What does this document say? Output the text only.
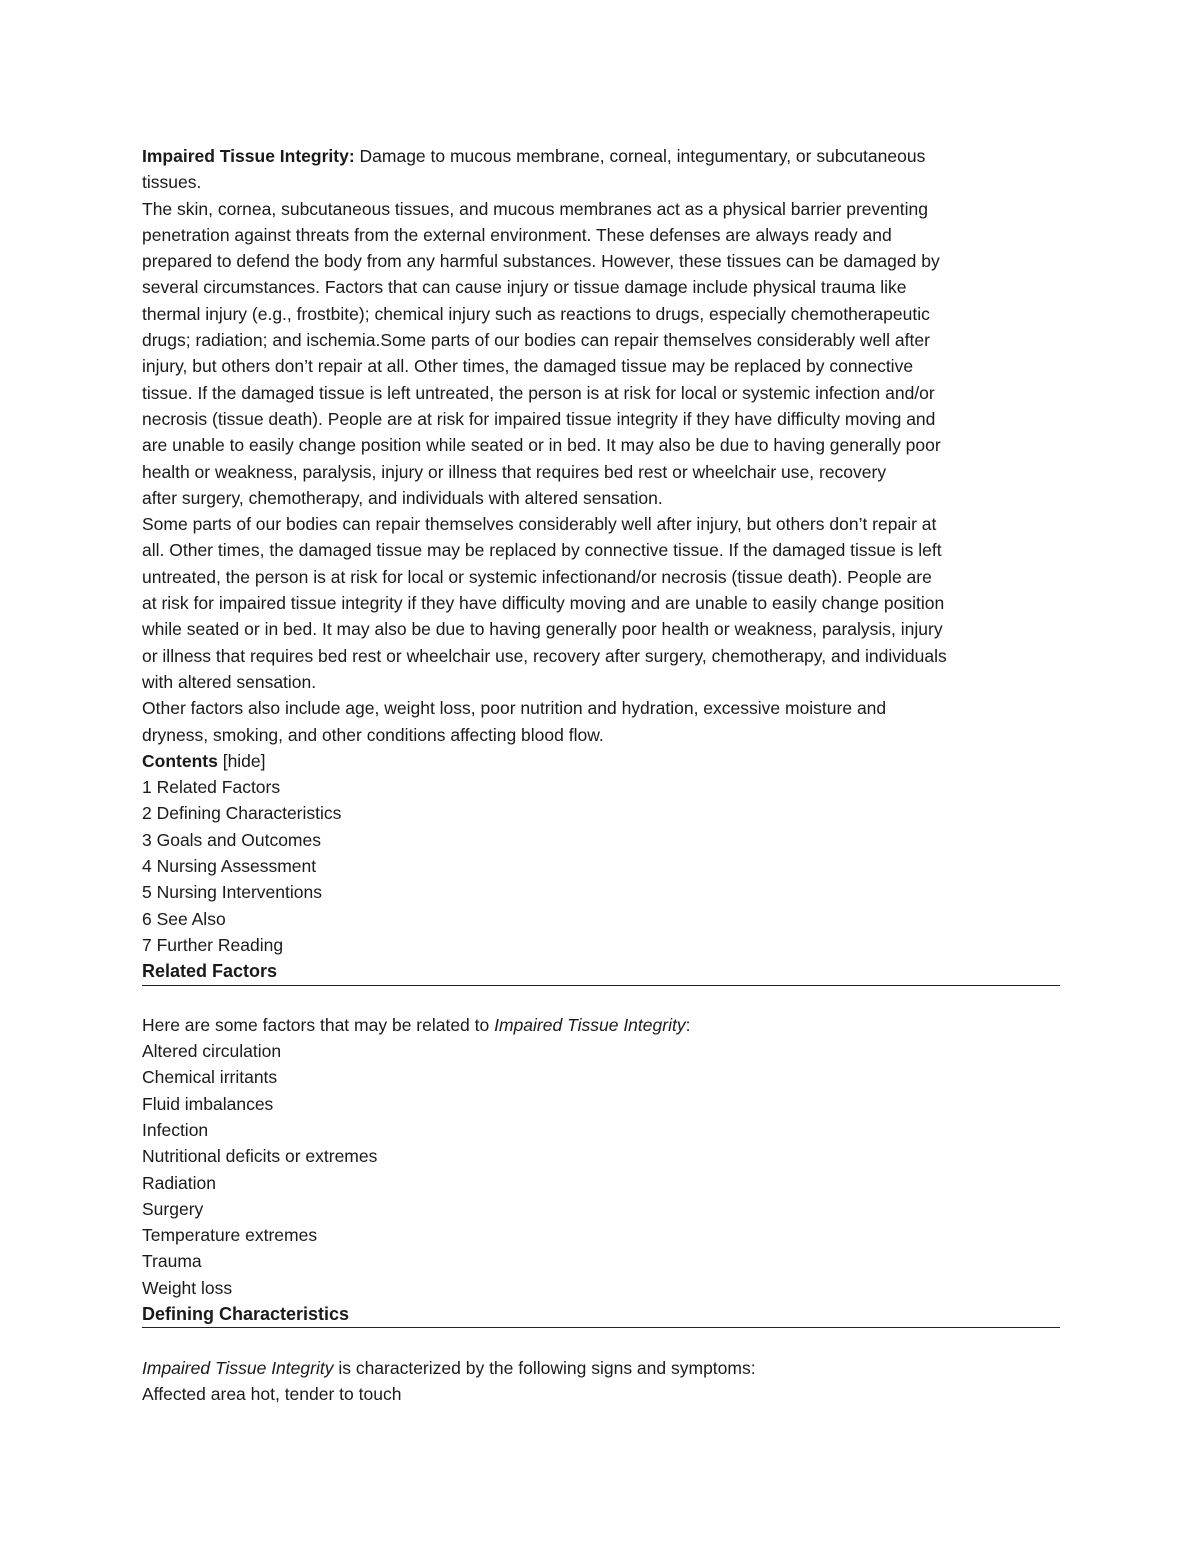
Impaired Tissue Integrity: Damage to mucous membrane, corneal, integumentary, or subcutaneous
tissues.
The skin, cornea, subcutaneous tissues, and mucous membranes act as a physical barrier preventing
penetration against threats from the external environment. These defenses are always ready and
prepared to defend the body from any harmful substances. However, these tissues can be damaged by
several circumstances. Factors that can cause injury or tissue damage include physical trauma like
thermal injury (e.g., frostbite); chemical injury such as reactions to drugs, especially chemotherapeutic
drugs; radiation; and ischemia.Some parts of our bodies can repair themselves considerably well after
injury, but others don’t repair at all. Other times, the damaged tissue may be replaced by connective
tissue. If the damaged tissue is left untreated, the person is at risk for local or systemic infection and/or
necrosis (tissue death). People are at risk for impaired tissue integrity if they have difficulty moving and
are unable to easily change position while seated or in bed. It may also be due to having generally poor
health or weakness, paralysis, injury or illness that requires bed rest or wheelchair use, recovery
after surgery, chemotherapy, and individuals with altered sensation.
Some parts of our bodies can repair themselves considerably well after injury, but others don’t repair at
all. Other times, the damaged tissue may be replaced by connective tissue. If the damaged tissue is left
untreated, the person is at risk for local or systemic infectionand/or necrosis (tissue death). People are
at risk for impaired tissue integrity if they have difficulty moving and are unable to easily change position
while seated or in bed. It may also be due to having generally poor health or weakness, paralysis, injury
or illness that requires bed rest or wheelchair use, recovery after surgery, chemotherapy, and individuals
with altered sensation.
Other factors also include age, weight loss, poor nutrition and hydration, excessive moisture and
dryness, smoking, and other conditions affecting blood flow.
Contents [hide]
1 Related Factors
2 Defining Characteristics
3 Goals and Outcomes
4 Nursing Assessment
5 Nursing Interventions
6 See Also
7 Further Reading
Related Factors
Here are some factors that may be related to Impaired Tissue Integrity:
Altered circulation
Chemical irritants
Fluid imbalances
Infection
Nutritional deficits or extremes
Radiation
Surgery
Temperature extremes
Trauma
Weight loss
Defining Characteristics
Impaired Tissue Integrity is characterized by the following signs and symptoms:
Affected area hot, tender to touch
